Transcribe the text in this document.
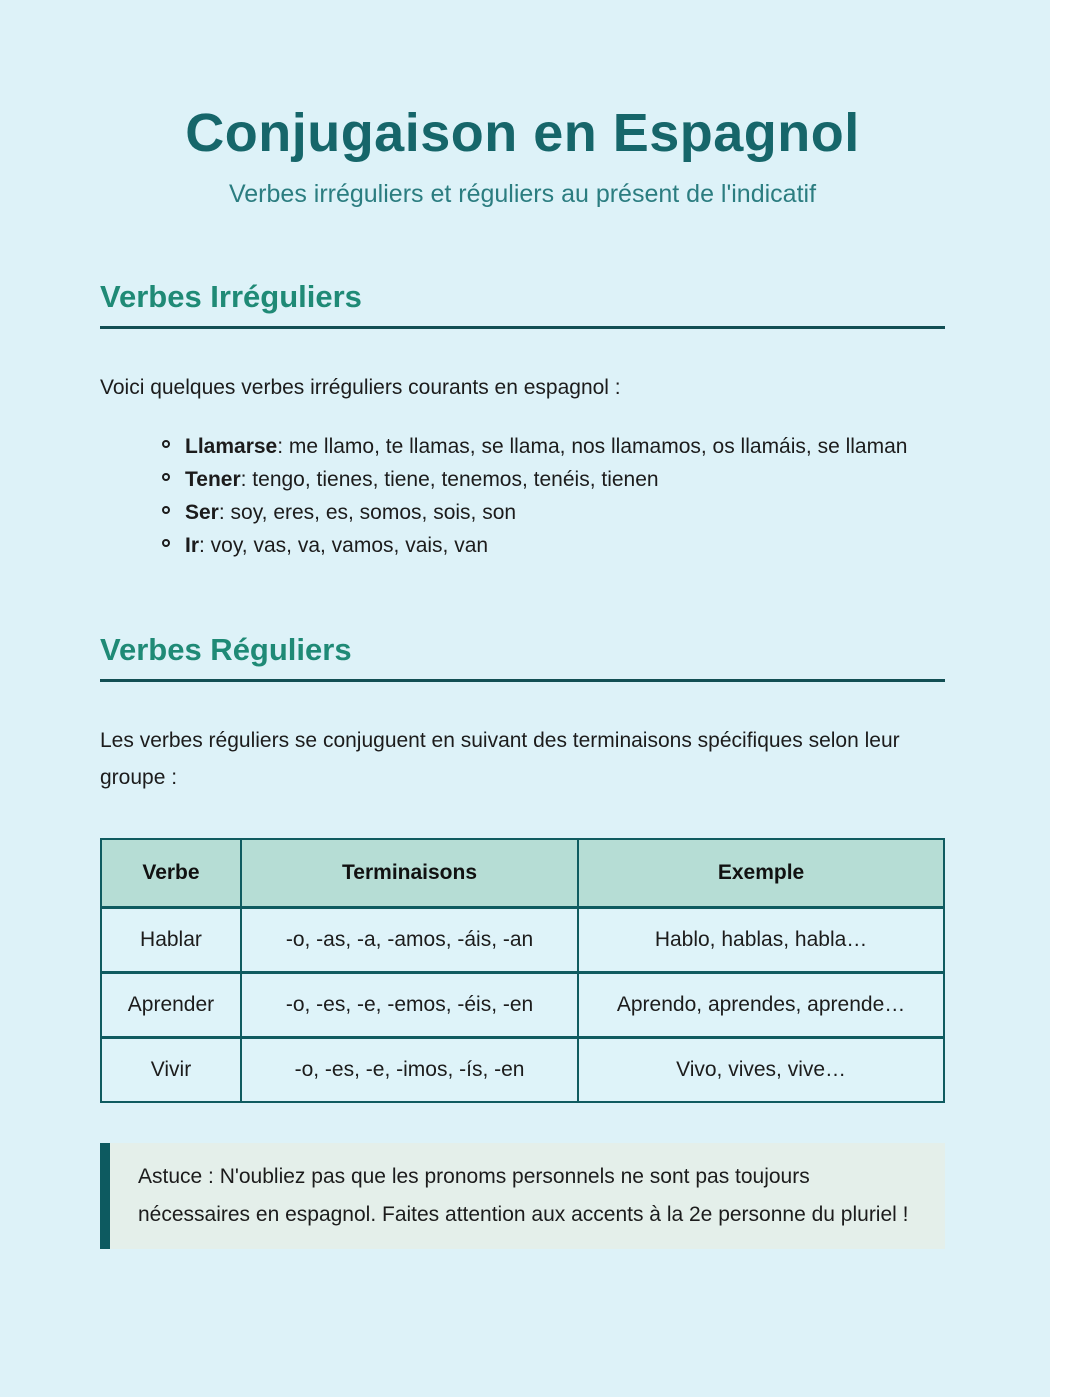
Conjugaison en Espagnol

Verbes irréguliers et réguliers au présent de l'indicatif

Verbes Irréguliers

Voici quelques verbes irréguliers courants en espagnol :

Llamarse: me llamo, te llamas, se llama, nos llamamos, os llamáis, se llaman
Tener: tengo, tienes, tiene, tenemos, tenéis, tienen
Ser: soy, eres, es, somos, sois, son
Ir: voy, vas, va, vamos, vais, van
Verbes Réguliers

Les verbes réguliers se conjuguent en suivant des terminaisons spécifiques selon leur groupe :

Verbe	Terminaisons	Exemple
Hablar	-o, -as, -a, -amos, -áis, -an	Hablo, hablas, habla…
Aprender	-o, -es, -e, -emos, -éis, -en	Aprendo, aprendes, aprende…
Vivir	-o, -es, -e, -imos, -ís, -en	Vivo, vives, vive…

Astuce : N'oubliez pas que les pronoms personnels ne sont pas toujours nécessaires en espagnol. Faites attention aux accents à la 2e personne du pluriel !
